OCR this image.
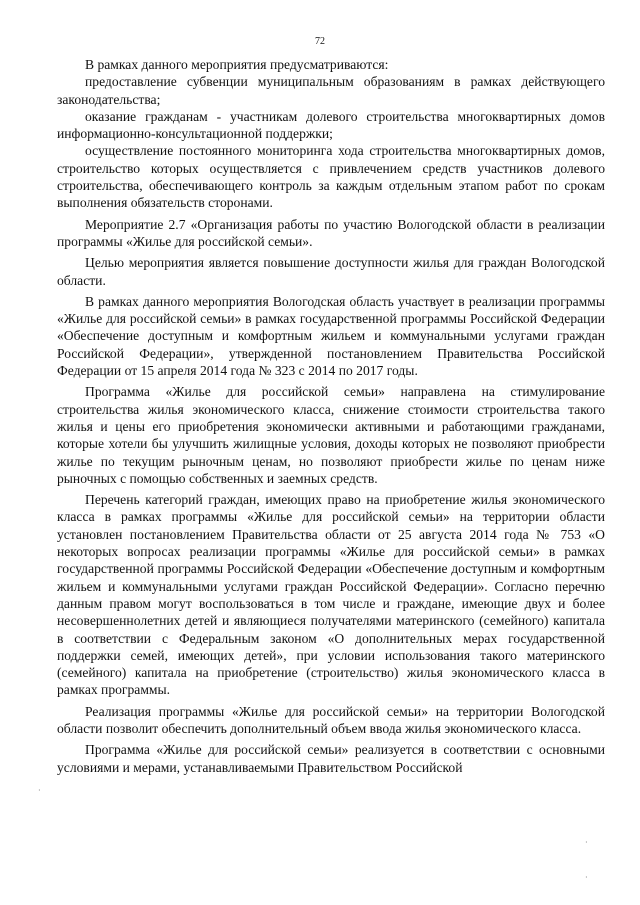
72

В рамках данного мероприятия предусматриваются:

предоставление субвенции муниципальным образованиям в рамках действующего законодательства;

оказание гражданам - участникам долевого строительства многоквартирных домов информационно-консультационной поддержки;

осуществление постоянного мониторинга хода строительства многоквартирных домов, строительство которых осуществляется с привлечением средств участников долевого строительства, обеспечивающего контроль за каждым отдельным этапом работ по срокам выполнения обязательств сторонами.

Мероприятие 2.7 «Организация работы по участию Вологодской области в реализации программы «Жилье для российской семьи».

Целью мероприятия является повышение доступности жилья для граждан Вологодской области.

В рамках данного мероприятия Вологодская область участвует в реализации программы «Жилье для российской семьи» в рамках государственной программы Российской Федерации «Обеспечение доступным и комфортным жильем и коммунальными услугами граждан Российской Федерации», утвержденной постановлением Правительства Российской Федерации от 15 апреля 2014 года № 323 с 2014 по 2017 годы.

Программа «Жилье для российской семьи» направлена на стимулирование строительства жилья экономического класса, снижение стоимости строительства такого жилья и цены его приобретения экономически активными и работающими гражданами, которые хотели бы улучшить жилищные условия, доходы которых не позволяют приобрести жилье по текущим рыночным ценам, но позволяют приобрести жилье по ценам ниже рыночных с помощью собственных и заемных средств.

Перечень категорий граждан, имеющих право на приобретение жилья экономического класса в рамках программы «Жилье для российской семьи» на территории области установлен постановлением Правительства области от 25 августа 2014 года № 753 «О некоторых вопросах реализации программы «Жилье для российской семьи» в рамках государственной программы Российской Федерации «Обеспечение доступным и комфортным жильем и коммунальными услугами граждан Российской Федерации». Согласно перечню данным правом могут воспользоваться в том числе и граждане, имеющие двух и более несовершеннолетних детей и являющиеся получателями материнского (семейного) капитала в соответствии с Федеральным законом «О дополнительных мерах государственной поддержки семей, имеющих детей», при условии использования такого материнского (семейного) капитала на приобретение (строительство) жилья экономического класса в рамках программы.

Реализация программы «Жилье для российской семьи» на территории Вологодской области позволит обеспечить дополнительный объем ввода жилья экономического класса.

Программа «Жилье для российской семьи» реализуется в соответствии с основными условиями и мерами, устанавливаемыми Правительством Российской

·
·
·
